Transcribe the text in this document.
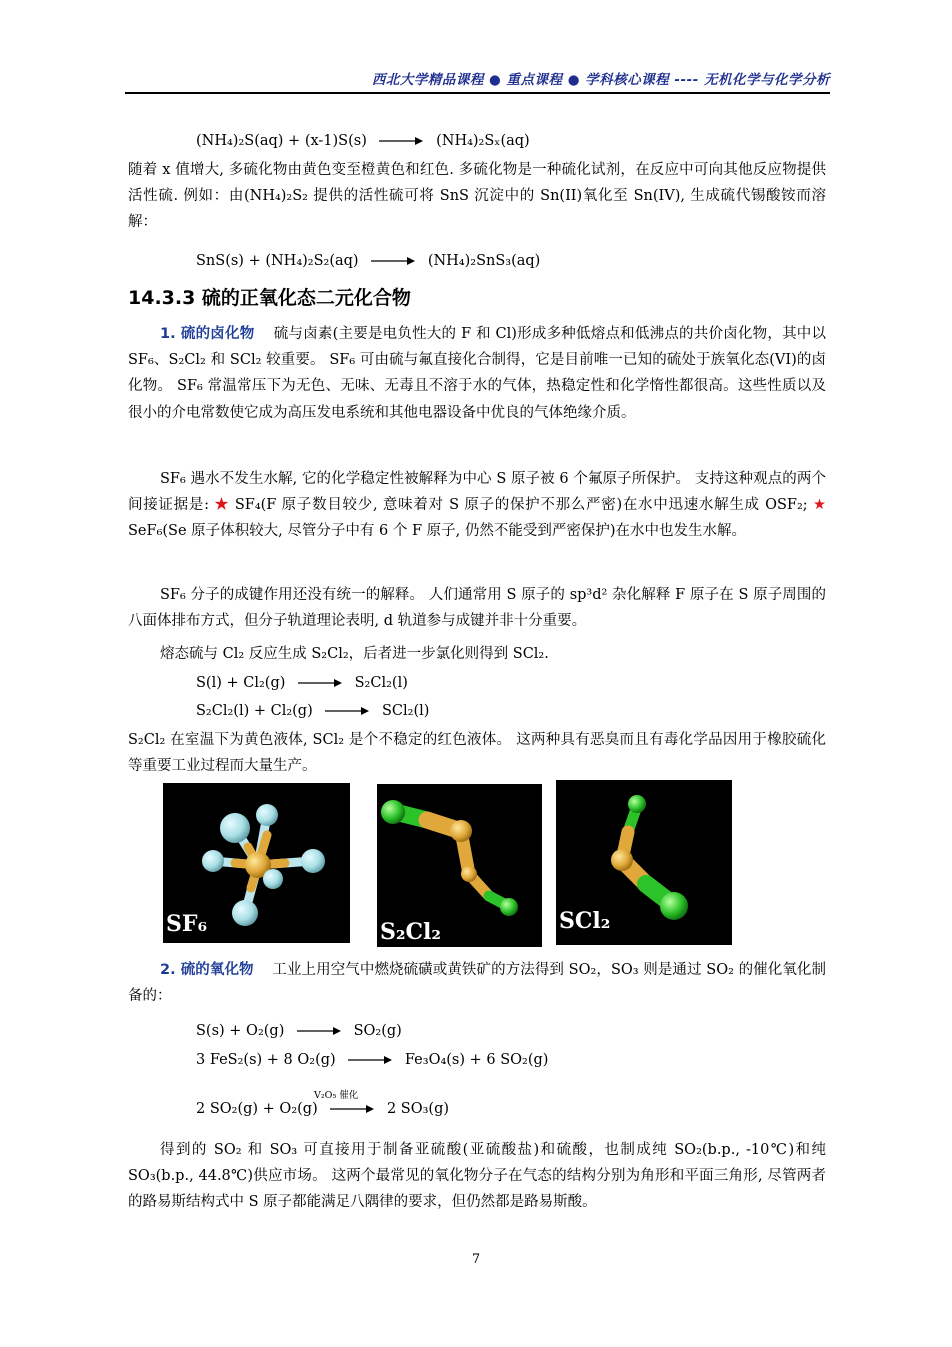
西北大学精品课程 ● 重点课程 ● 学科核心课程 ---- 无机化学与化学分析
(NH₄)₂S(aq) + (x-1)S(s) → (NH₄)₂Sₓ(aq)
随着 x 值增大, 多硫化物由黄色变至橙黄色和红色. 多硫化物是一种硫化试剂，在反应中可向其他反应物提供活性硫. 例如：由(NH₄)₂S₂ 提供的活性硫可将 SnS 沉淀中的 Sn(II)氧化至 Sn(IV), 生成硫代锡酸铵而溶解：
SnS(s) + (NH₄)₂S₂(aq) → (NH₄)₂SnS₃(aq)
14.3.3 硫的正氧化态二元化合物
1. 硫的卤化物 硫与卤素(主要是电负性大的 F 和 Cl)形成多种低熔点和低沸点的共价卤化物，其中以 SF₆、S₂Cl₂ 和 SCl₂ 较重要。 SF₆ 可由硫与氟直接化合制得，它是目前唯一已知的硫处于族氧化态(VI)的卤化物。 SF₆ 常温常压下为无色、无味、无毒且不溶于水的气体，热稳定性和化学惰性都很高。这些性质以及很小的介电常数使它成为高压发电系统和其他电器设备中优良的气体绝缘介质。
SF₆ 遇水不发生水解, 它的化学稳定性被解释为中心 S 原子被 6 个氟原子所保护。 支持这种观点的两个间接证据是: ★ SF₄(F 原子数目较少, 意味着对 S 原子的保护不那么严密)在水中迅速水解生成 OSF₂; ★ SeF₆(Se 原子体积较大, 尽管分子中有 6 个 F 原子, 仍然不能受到严密保护)在水中也发生水解。
SF₆ 分子的成键作用还没有统一的解释。 人们通常用 S 原子的 sp³d² 杂化解释 F 原子在 S 原子周围的八面体排布方式，但分子轨道理论表明, d 轨道参与成键并非十分重要。
熔态硫与 Cl₂ 反应生成 S₂Cl₂，后者进一步氯化则得到 SCl₂.
S(l) + Cl₂(g) → S₂Cl₂(l)
S₂Cl₂(l) + Cl₂(g) → SCl₂(l)
S₂Cl₂ 在室温下为黄色液体, SCl₂ 是个不稳定的红色液体。 这两种具有恶臭而且有毒化学品因用于橡胶硫化等重要工业过程而大量生产。
SF₆	S₂Cl₂	SCl₂
2. 硫的氧化物 工业上用空气中燃烧硫磺或黄铁矿的方法得到 SO₂，SO₃ 则是通过 SO₂ 的催化氧化制备的：
S(s) + O₂(g) → SO₂(g)
3 FeS₂(s) + 8 O₂(g) → Fe₃O₄(s) + 6 SO₂(g)
V₂O₅ 催化
2 SO₂(g) + O₂(g) → 2 SO₃(g)
得到的 SO₂ 和 SO₃ 可直接用于制备亚硫酸(亚硫酸盐)和硫酸，也制成纯 SO₂(b.p., -10℃)和纯 SO₃(b.p., 44.8℃)供应市场。 这两个最常见的氧化物分子在气态的结构分别为角形和平面三角形, 尽管两者的路易斯结构式中 S 原子都能满足八隅律的要求，但仍然都是路易斯酸。
7
